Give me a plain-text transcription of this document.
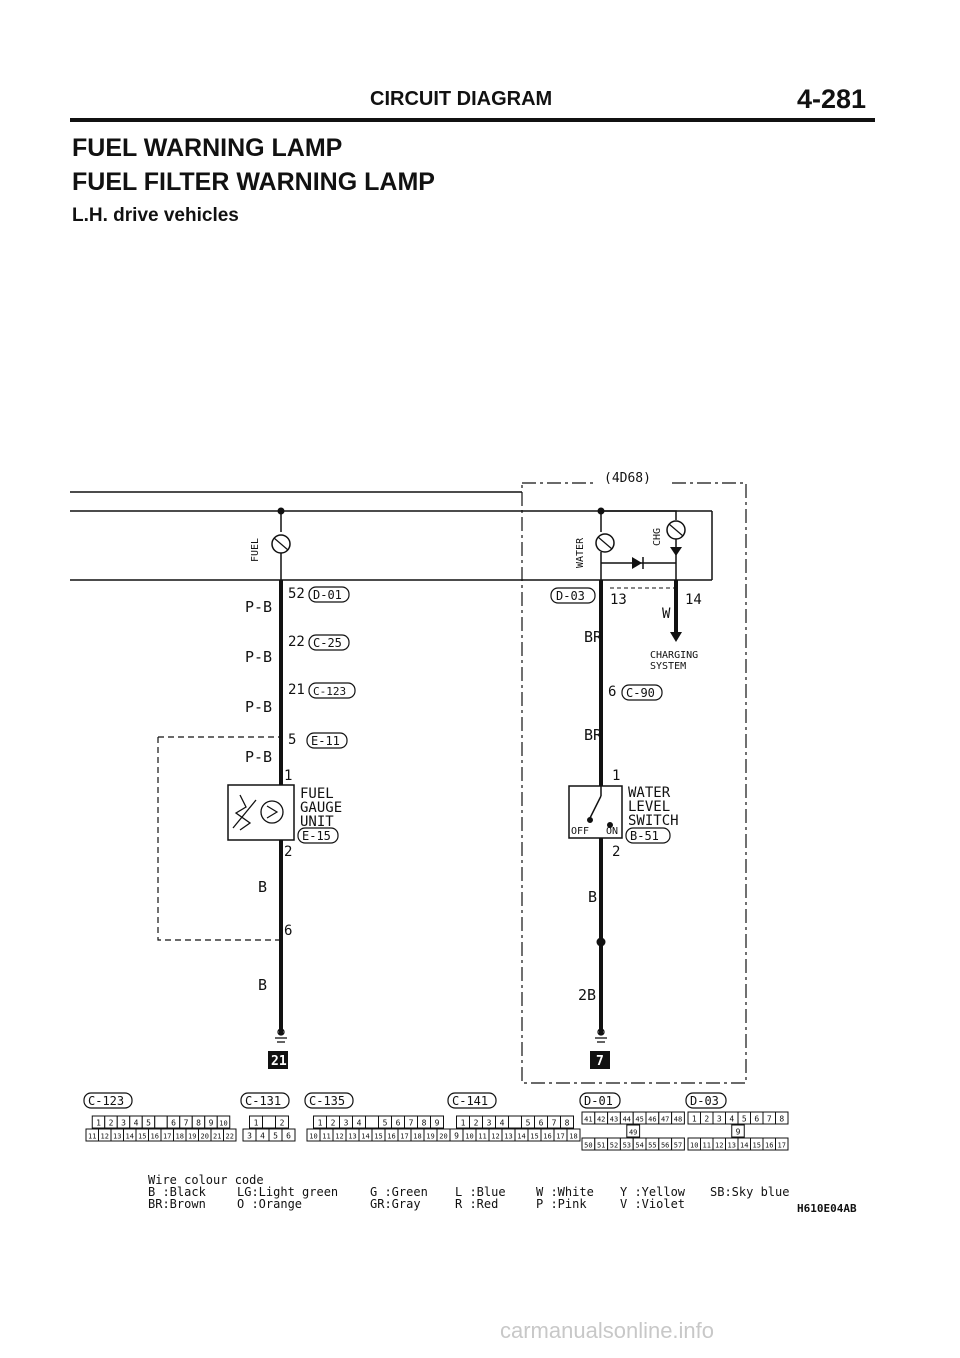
CIRCUIT DIAGRAM	4-281
FUEL WARNING LAMP
FUEL FILTER WARNING LAMP
L.H. drive vehicles
FUEL
52 D-01
P-B
22 C-25
P-B
21 C-123
P-B
5 E-11
P-B
1
FUEL
GAUGE
UNIT
E-15
2
B
6
B
21
(4D68)
WATER
CHG
D-03 13	14
W
CHARGING
SYSTEM
BR
6 C-90
BR
1
OFF ON
WATER
LEVEL
SWITCH
B-51
2
B
2B
7
C-123
1 2 3 4 5	6 7 8 9 10
11 12 13 14 15 16 17 18 19 20 21 22
C-131
1	2
3 4 5 6
C-135
1 2 3 4	5 6 7 8 9
10 11 12 13 14 15 16 17 18 19 20
C-141
1 2 3 4	5 6 7 8
9 10 11 12 13 14 15 16 17 18
D-01
41 42 43 44 45 46 47 48
49
50 51 52 53 54 55 56 57
D-03
1 2 3 4 5 6 7 8
9
10 11 12 13 14 15 16 17
Wire colour code
B :Black	LG:Light green	G :Green L :Blue	W :White Y :Yellow SB:Sky blue
BR:Brown	O :Orange	GR:Gray	R :Red	P :Pink	V :Violet	H610E04AB
carmanualsonline.info
